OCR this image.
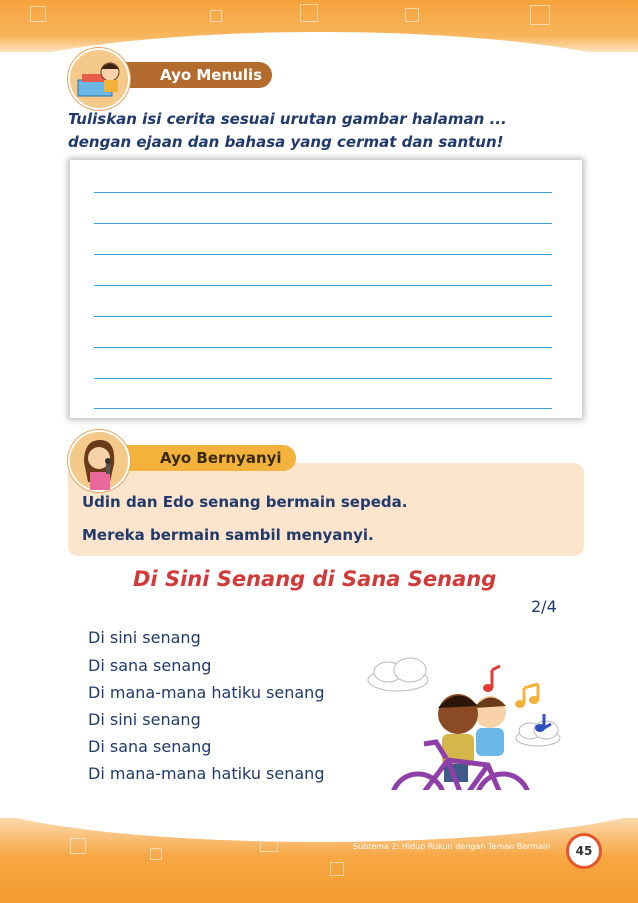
Ayo Menulis

Tuliskan isi cerita sesuai urutan gambar halaman ...
dengan ejaan dan bahasa yang cermat dan santun!

Udin dan Edo senang bermain sepeda.

Mereka bermain sambil menyanyi.

Ayo Bernyanyi

Di Sini Senang di Sana Senang

2/4

Di sini senang

Di sana senang

Di mana-mana hatiku senang

Di sini senang

Di sana senang

Di mana-mana hatiku senang

Subtema 2: Hidup Rukun dengan Teman Bermain	45
